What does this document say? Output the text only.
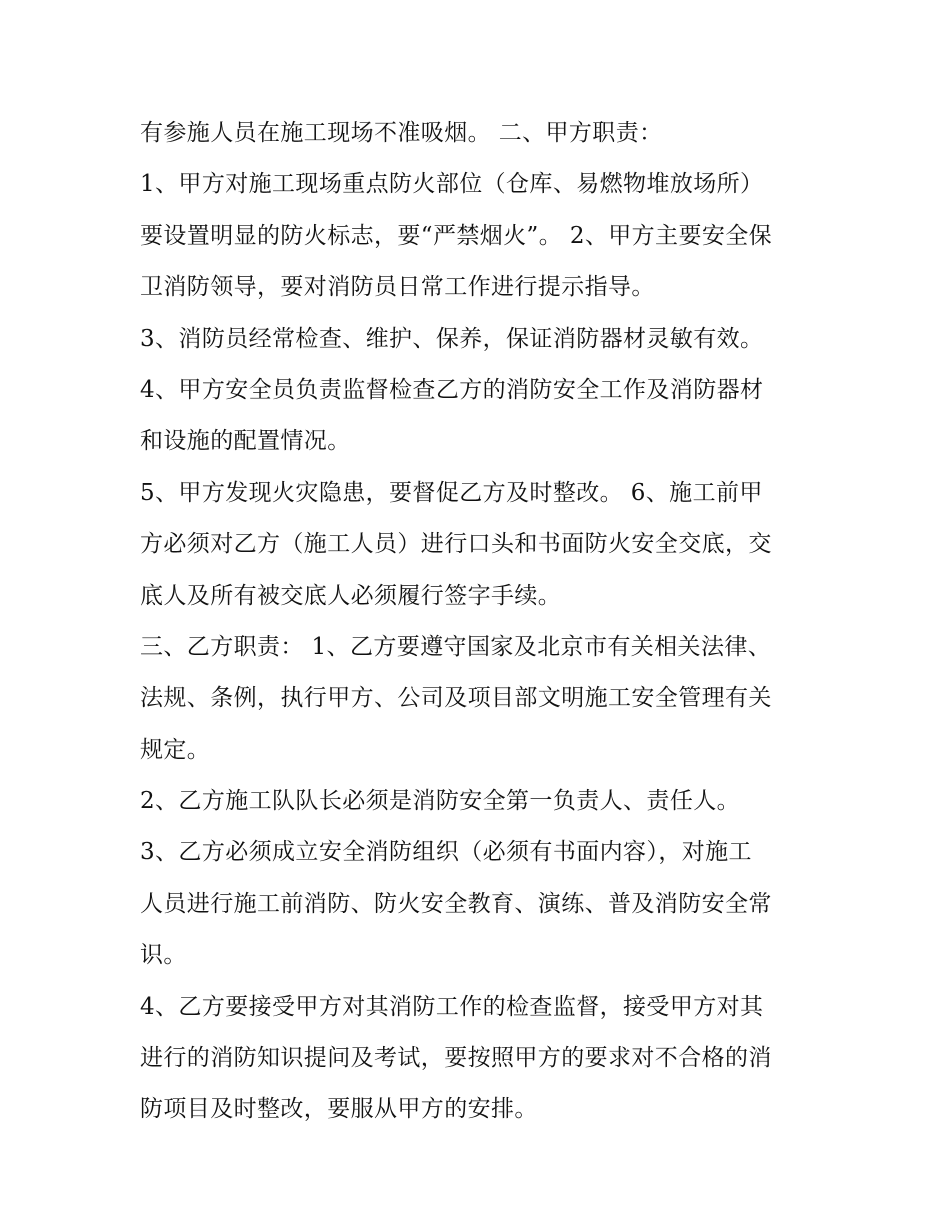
有参施人员在施工现场不准吸烟。 二、甲方职责：
1、甲方对施工现场重点防火部位（仓库、易燃物堆放场所）
要设置明显的防火标志，要“严禁烟火”。 2、甲方主要安全保
卫消防领导，要对消防员日常工作进行提示指导。
3、消防员经常检查、维护、保养，保证消防器材灵敏有效。
4、甲方安全员负责监督检查乙方的消防安全工作及消防器材
和设施的配置情况。
5、甲方发现火灾隐患，要督促乙方及时整改。 6、施工前甲
方必须对乙方（施工人员）进行口头和书面防火安全交底，交
底人及所有被交底人必须履行签字手续。
三、乙方职责： 1、乙方要遵守国家及北京市有关相关法律、
法规、条例，执行甲方、公司及项目部文明施工安全管理有关
规定。
2、乙方施工队队长必须是消防安全第一负责人、责任人。
3、乙方必须成立安全消防组织（必须有书面内容），对施工
人员进行施工前消防、防火安全教育、演练、普及消防安全常
识。
4、乙方要接受甲方对其消防工作的检查监督，接受甲方对其
进行的消防知识提问及考试，要按照甲方的要求对不合格的消
防项目及时整改，要服从甲方的安排。
